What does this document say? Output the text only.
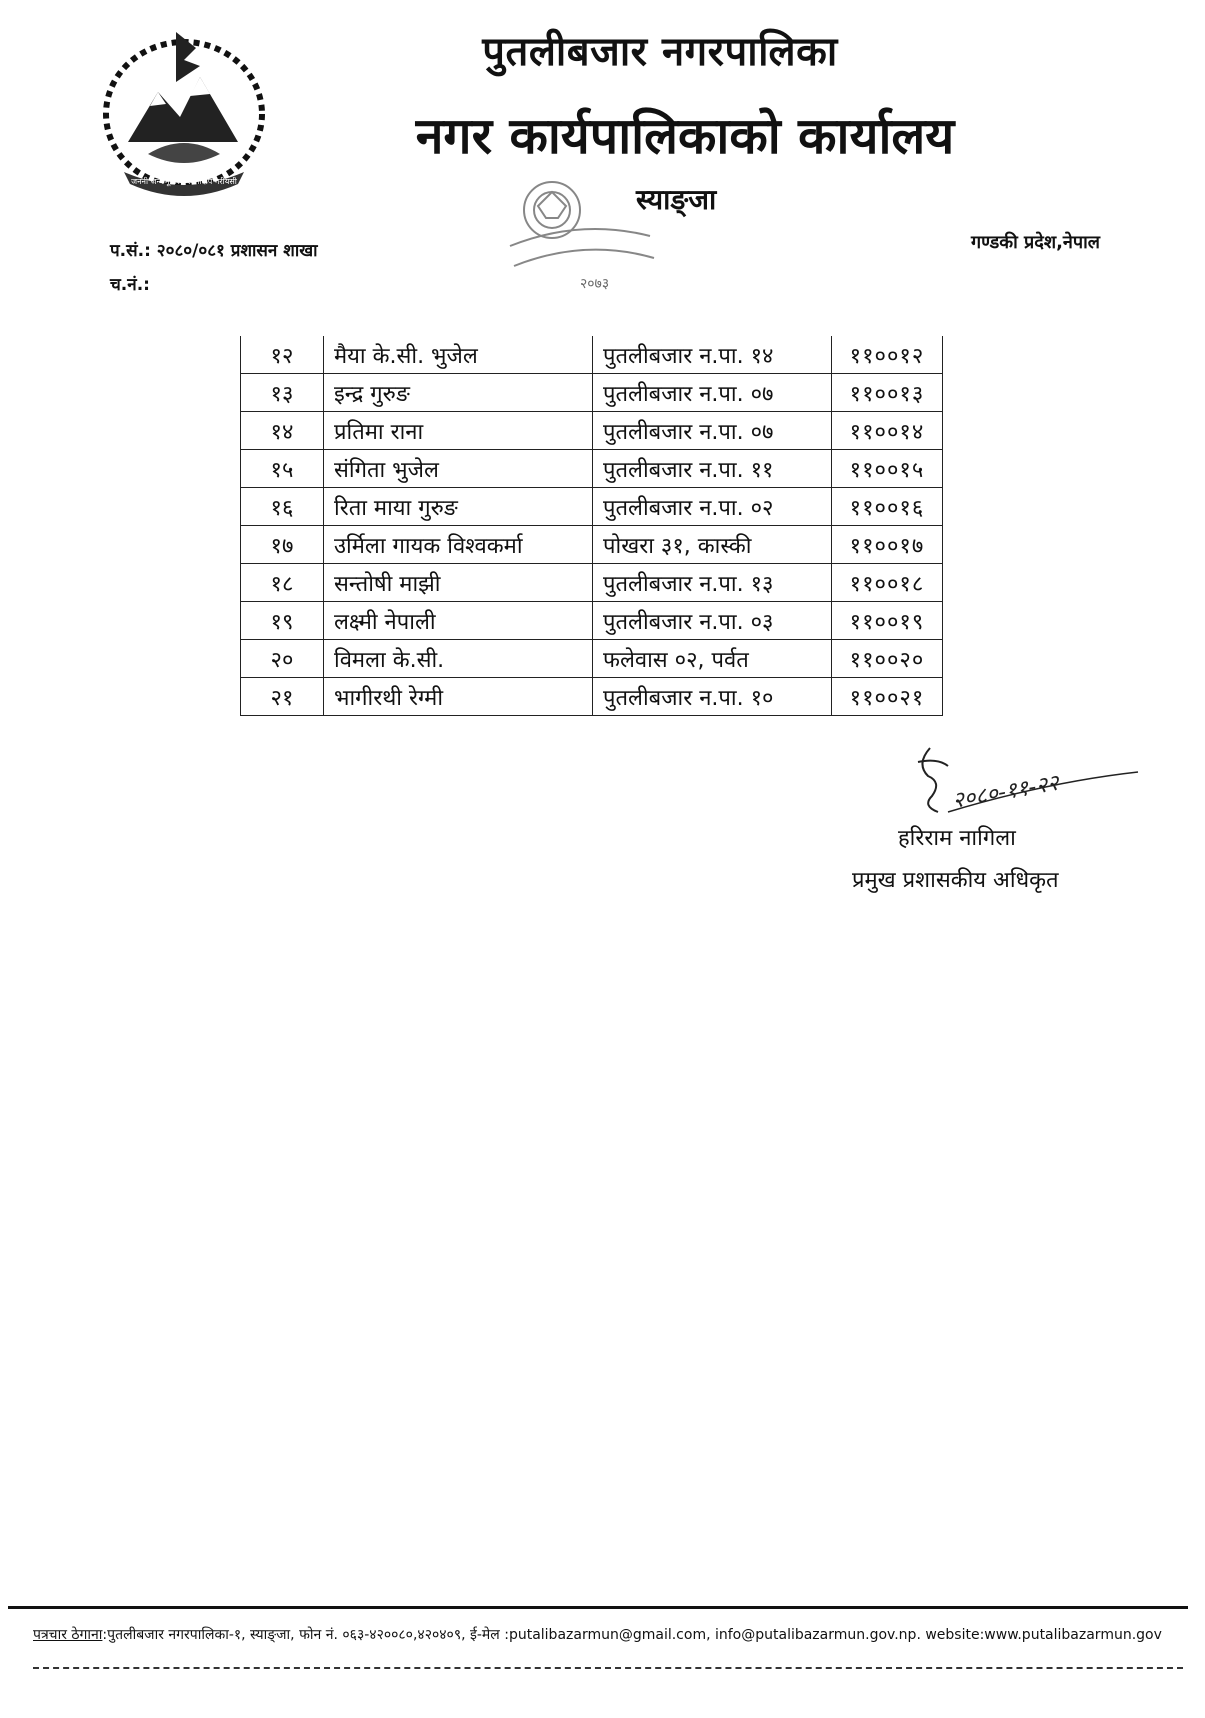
जननी जन्मभूमिश्च स्वर्गादपि गरीयसी
पुतलीबजार नगरपालिका
नगर कार्यपालिकाको कार्यालय
२०७३
स्याङ्जा
प.सं.: २०८०/०८१ प्रशासन शाखा
च.नं.:
गण्डकी प्रदेश,नेपाल
१२	मैया के.सी. भुजेल	पुतलीबजार न.पा. १४	११००१२
१३	इन्द्र गुरुङ	पुतलीबजार न.पा. ०७	११००१३
१४	प्रतिमा राना	पुतलीबजार न.पा. ०७	११००१४
१५	संगिता भुजेल	पुतलीबजार न.पा. ११	११००१५
१६	रिता माया गुरुङ	पुतलीबजार न.पा. ०२	११००१६
१७	उर्मिला गायक विश्वकर्मा	पोखरा ३१, कास्की	११००१७
१८	सन्तोषी माझी	पुतलीबजार न.पा. १३	११००१८
१९	लक्ष्मी नेपाली	पुतलीबजार न.पा. ०३	११००१९
२०	विमला के.सी.	फलेवास ०२, पर्वत	११००२०
२१	भागीरथी रेग्मी	पुतलीबजार न.पा. १०	११००२१
२०८०-११-२२
हरिराम नागिला
प्रमुख प्रशासकीय अधिकृत
पत्रचार ठेगाना:पुतलीबजार नगरपालिका-१, स्याङ्जा, फोन नं. ०६३-४२००८०,४२०४०९, ई-मेल :putalibazarmun@gmail.com, info@putalibazarmun.gov.np. website:www.putalibazarmun.gov
